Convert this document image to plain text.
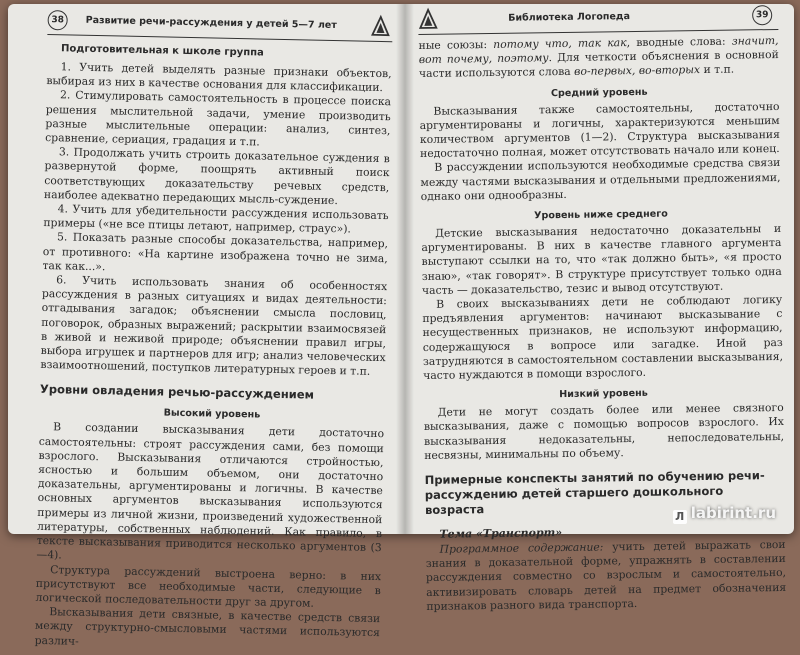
38	Развитие речи-рассуждения у детей 5—7 лет
Подготовительная к школе группа

1. Учить детей выделять разные признаки объектов, выбирая из них в качестве основания для классификации.

2. Стимулировать самостоятельность в процессе поиска решения мыслительной задачи, умение производить разные мыслительные операции: анализ, синтез, сравнение, сериация, градация и т.п.

3. Продолжать учить строить доказательное суждения в развернутой форме, поощрять активный поиск соответствующих доказательству речевых средств, наиболее адекватно передающих мысль-суждение.

4. Учить для убедительности рассуждения использовать примеры («не все птицы летают, например, страус»).

5. Показать разные способы доказательства, например, от противного: «На картине изображена точно не зима, так как...».

6. Учить использовать знания об особенностях рассуждения в разных ситуациях и видах деятельности: отгадывания загадок; объяснении смысла пословиц, поговорок, образных выражений; раскрытии взаимосвязей в живой и неживой природе; объяснении правил игры, выбора игрушек и партнеров для игр; анализ человеческих взаимоотношений, поступков литературных героев и т.п.

Уровни овладения речью-рассуждением
Высокий уровень

В создании высказывания дети достаточно самостоятельны: строят рассуждения сами, без помощи взрослого. Высказывания отличаются стройностью, ясностью и большим объемом, они достаточно доказательны, аргументированы и логичны. В качестве основных аргументов высказывания используются примеры из личной жизни, произведений художественной литературы, собственных наблюдений. Как правило, в тексте высказывания приводится несколько аргументов (3—4).

Структура рассуждений выстроена верно: в них присутствуют все необходимые части, следующие в логической последовательности друг за другом.

Высказывания дети связные, в качестве средств связи между структурно-смысловыми частями используются различ-

Библиотека Логопеда	39

ные союзы: потому что, так как, вводные слова: значит, вот почему, поэтому. Для четкости объяснения в основной части используются слова во-первых, во-вторых и т.п.

Средний уровень

Высказывания также самостоятельны, достаточно аргументированы и логичны, характеризуются меньшим количеством аргументов (1—2). Структура высказывания недостаточно полная, может отсутствовать начало или конец.

В рассуждении используются необходимые средства связи между частями высказывания и отдельными предложениями, однако они однообразны.

Уровень ниже среднего

Детские высказывания недостаточно доказательны и аргументированы. В них в качестве главного аргумента выступают ссылки на то, что «так должно быть», «я просто знаю», «так говорят». В структуре присутствует только одна часть — доказательство, тезис и вывод отсутствуют.

В своих высказываниях дети не соблюдают логику предъявления аргументов: начинают высказывание с несущественных признаков, не используют информацию, содержащуюся в вопросе или загадке. Иной раз затрудняются в самостоятельном составлении высказывания, часто нуждаются в помощи взрослого.

Низкий уровень

Дети не могут создать более или менее связного высказывания, даже с помощью вопросов взрослого. Их высказывания недоказательны, непоследовательны, несвязны, минимальны по объему.

Примерные конспекты занятий по обучению речи-рассуждению детей старшего дошкольного возраста
Тема «Транспорт»

Программное содержание: учить детей выражать свои знания в доказательной форме, упражнять в составлении рассуждения совместно со взрослым и самостоятельно, активизировать словарь детей на предмет обозначения признаков разного вида транспорта.

Л labirint.ru
